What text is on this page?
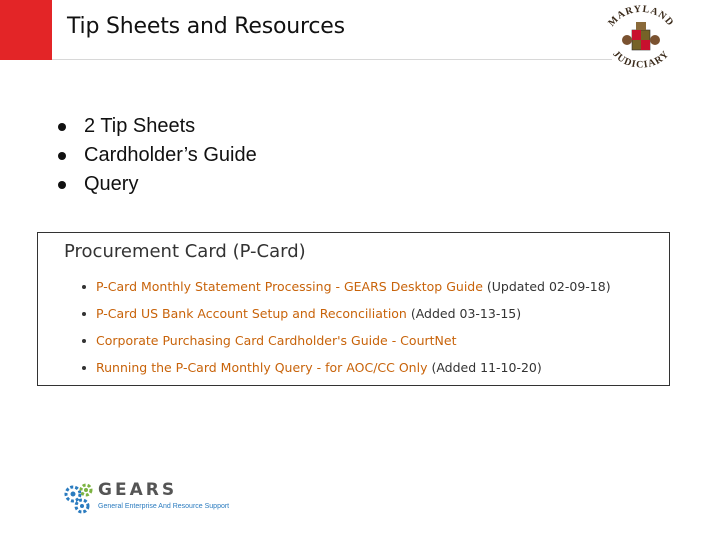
Tip Sheets and Resources	MARYLAND
JUDICIARY
2 Tip Sheets
Cardholder’s Guide
Query
Procurement Card (P-Card)
P-Card Monthly Statement Processing - GEARS Desktop Guide (Updated 02-09-18)
P-Card US Bank Account Setup and Reconciliation (Added 03-13-15)
Corporate Purchasing Card Cardholder's Guide - CourtNet
Running the P-Card Monthly Query - for AOC/CC Only (Added 11-10-20)
GEARS
General Enterprise And Resource Support
